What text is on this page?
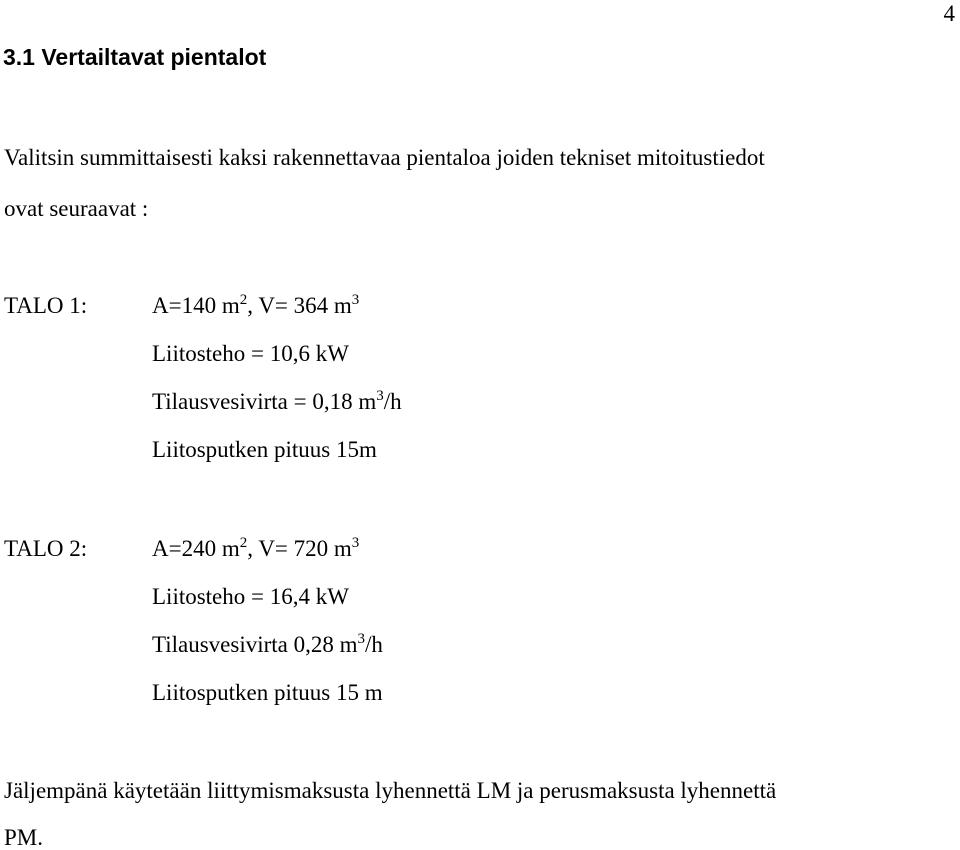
4
3.1 Vertailtavat pientalot
Valitsin summittaisesti kaksi rakennettavaa pientaloa joiden tekniset mitoitustiedot
ovat seuraavat :
TALO 1:	A=140 $m^2$, V= 364 $m^3$
Liitosteho = 10,6 kW
Tilausvesivirta = 0,18 $m^3/h$
Liitosputken pituus 15m
TALO 2:	A=240 $m^2$, V= 720 $m^3$
Liitosteho = 16,4 kW
Tilausvesivirta 0,28 $m^3/h$
Liitosputken pituus 15 m
Jäljempänä käytetään liittymismaksusta lyhennettä LM ja perusmaksusta lyhennettä
PM.
